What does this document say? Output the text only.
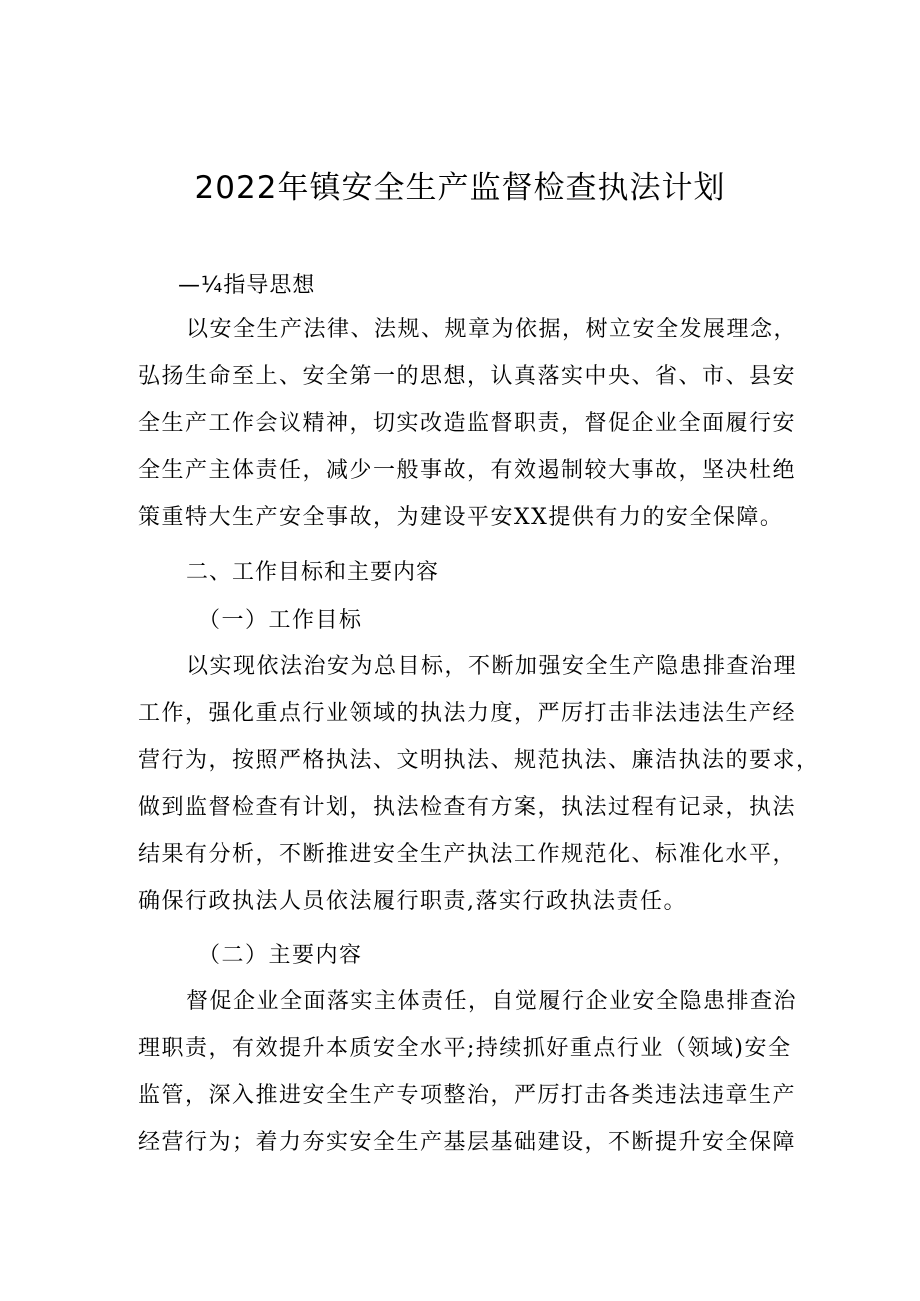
2022年镇安全生产监督检查执法计划
—¼指导思想
以安全生产法律、法规、规章为依据，树立安全发展理念，
弘扬生命至上、安全第一的思想，认真落实中央、省、市、县安
全生产工作会议精神，切实改造监督职责，督促企业全面履行安
全生产主体责任，减少一般事故，有效遏制较大事故，坚决杜绝
策重特大生产安全事故，为建设平安XX提供有力的安全保障。
二、工作目标和主要内容
（一）工作目标
以实现依法治安为总目标，不断加强安全生产隐患排查治理
工作，强化重点行业领域的执法力度，严厉打击非法违法生产经
营行为，按照严格执法、文明执法、规范执法、廉洁执法的要求，
做到监督检查有计划，执法检查有方案，执法过程有记录，执法
结果有分析，不断推进安全生产执法工作规范化、标准化水平，
确保行政执法人员依法履行职责,落实行政执法责任。
（二）主要内容
督促企业全面落实主体责任，自觉履行企业安全隐患排查治
理职责，有效提升本质安全水平;持续抓好重点行业（领域)安全
监管，深入推进安全生产专项整治，严厉打击各类违法违章生产
经营行为；着力夯实安全生产基层基础建设，不断提升安全保障
